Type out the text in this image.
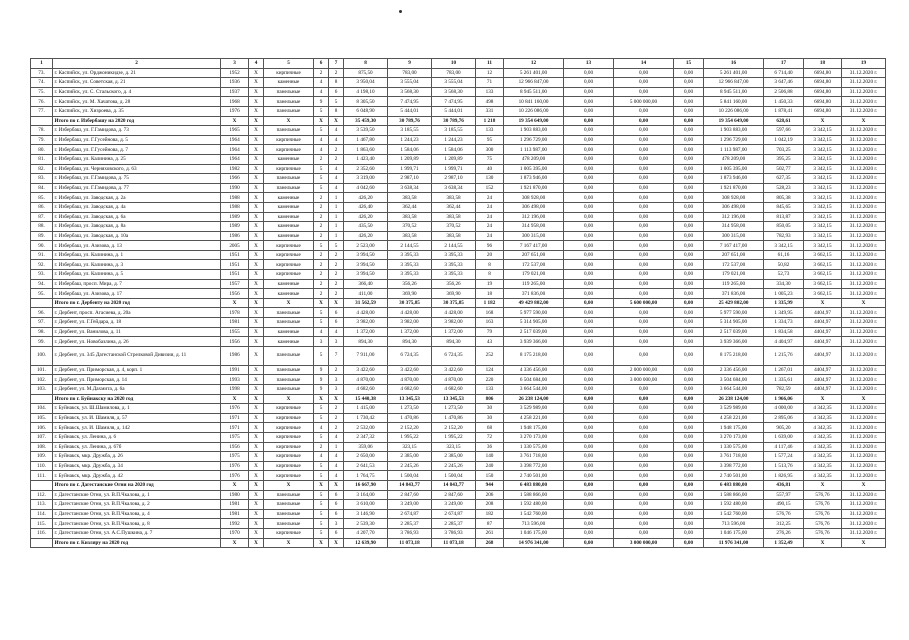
1	2	3	4	5	6	7	8	9	10	11	12	13	14	15	16	17	18	19
73.	г. Каспийск, ул. Орджоникидзе, д. 21	1952	X	кирпичные	2	2	875,50	783,00	783,00	12	5 261 401,00	0,00	0,00	0,00	5 261 401,00	6 714,40	6694,80	31.12.2020 г.
74.	г. Каспийск, ул. Советская, д. 21	1936	X	каменные	4	8	3 950,04	3 555,04	3 555,04	71	12 966 847,00	0,00	0,00	0,00	12 966 847,00	3 647,46	6694,80	31.12.2020 г.
75.	г. Каспийск, ул. С. Стальского, д. 4	1937	X	панельные	4	6	4 198,10	3 568,30	3 568,30	133	8 945 511,00	0,00	0,00	0,00	8 945 511,00	2 506,88	6694,80	31.12.2020 г.
76.	г. Каспийск, ул. М. Хачатова, д. 28	1968	X	панельные	9	5	8 305,50	7 474,95	7 474,95	498	10 841 160,00	0,00	5 000 000,00	0,00	5 841 160,00	1 450,33	6694,80	31.12.2020 г.
77.	г. Каспийск, ул. Хизроева, д. 35	1976	X	панельные	5	8	6 048,90	5 444,01	5 444,01	331	10 226 086,00	0,00	0,00	0,00	10 226 086,00	1 878,41	6694,80	31.12.2020 г.
	Итого по г. Избербашу на 2020 год	X	X	X	X	X	35 459,30	30 789,76	30 789,76	1 218	19 354 649,00	0,00	0,00	0,00	19 354 649,00	628,61	X	X
78.	г. Избербаш, ул. Г.Гамидова, д. 73	1965	X	панельные	5	4	3 539,50	3 185,55	3 185,55	133	1 903 883,00	0,00	0,00	0,00	1 903 883,00	597,66	3 342,15	31.12.2020 г.
79.	г. Избербаш, ул. Г.Гусейнова, д. 5	1964	X	кирпичные	4	4	1 467,80	1 244,23	1 244,23	95	1 296 729,00	0,00	0,00	0,00	1 296 729,00	1 042,19	3 342,15	31.12.2020 г.
80.	г. Избербаш, ул. Г.Гусейнова, д. 7	1964	X	кирпичные	4	2	1 863,60	1 584,06	1 584,06	300	1 113 987,00	0,00	0,00	0,00	1 113 987,00	703,25	3 342,15	31.12.2020 г.
81.	г. Избербаш, ул. Калинина, д. 25	1964	X	каменные	2	2	1 423,40	1 209,89	1 209,89	75	478 209,00	0,00	0,00	0,00	478 209,00	395,25	3 342,15	31.12.2020 г.
82.	г. Избербаш, ул. Черняховского, д. 63	1982	X	кирпичные	5	4	2 352,60	1 999,71	1 999,71	40	1 005 395,00	0,00	0,00	0,00	1 005 395,00	502,77	3 342,15	31.12.2020 г.
83.	г. Избербаш, ул. Г.Гамидова, д. 75	1966	X	панельные	5	4	3 319,00	2 987,10	2 987,10	130	1 873 946,00	0,00	0,00	0,00	1 873 946,00	627,35	3 342,15	31.12.2020 г.
84.	г. Избербаш, ул. Г.Гамидова, д. 77	1990	X	панельные	5	4	4 042,60	3 638,34	3 638,34	152	1 921 870,00	0,00	0,00	0,00	1 921 870,00	528,23	3 342,15	31.12.2020 г.
85.	г. Избербаш, ул. Заводская, д. 2а	1988	X	каменные	2	1	426,20	383,58	383,58	24	308 928,00	0,00	0,00	0,00	308 928,00	805,38	3 342,15	31.12.2020 г.
86.	г. Избербаш, ул. Заводская, д. 4а	1988	X	каменные	2	1	426,40	362,44	362,44	24	306 498,00	0,00	0,00	0,00	306 498,00	845,65	3 342,15	31.12.2020 г.
87.	г. Избербаш, ул. Заводская, д. 6а	1989	X	каменные	2	1	426,20	383,58	383,58	24	312 196,00	0,00	0,00	0,00	312 196,00	813,87	3 342,15	31.12.2020 г.
88.	г. Избербаш, ул. Заводская, д. 8а	1989	X	каменные	2	1	435,50	370,52	370,52	24	314 958,00	0,00	0,00	0,00	314 958,00	850,05	3 342,15	31.12.2020 г.
89.	г. Избербаш, ул. Заводская, д. 10а	1986	X	каменные	2	1	426,20	383,58	383,58	24	300 315,00	0,00	0,00	0,00	300 315,00	782,93	3 342,15	31.12.2020 г.
90.	г. Избербаш, ул. Азизова, д. 13	2005	X	кирпичные	5	5	2 523,00	2 144,55	2 144,55	96	7 167 417,00	0,00	0,00	0,00	7 167 417,00	3 342,15	3 342,15	31.12.2020 г.
91.	г. Избербаш, ул. Калинина, д. 1	1951	X	кирпичные	2	2	3 994,50	3 395,33	3 395,33	20	207 651,00	0,00	0,00	0,00	207 651,00	61,16	3 662,15	31.12.2020 г.
92.	г. Избербаш, ул. Калинина, д. 3	1951	X	кирпичные	2	2	3 994,50	3 395,33	3 395,33	8	172 537,00	0,00	0,00	0,00	172 537,00	50,82	3 662,15	31.12.2020 г.
93.	г. Избербаш, ул. Калинина, д. 5	1951	X	кирпичные	2	2	3 994,50	3 395,33	3 395,33	8	179 021,00	0,00	0,00	0,00	179 021,00	52,73	3 662,15	31.12.2020 г.
94.	г. Избербаш, просп. Мира, д. 7	1957	X	каменные	2	2	366,40	356,26	356,26	19	119 265,00	0,00	0,00	0,00	119 265,00	334,30	3 662,15	31.12.2020 г.
95.	г. Избербаш, ул. Азизова, д. 17	1956	X	каменные	2	2	411,00	369,90	369,90	18	371 836,00	0,00	0,00	0,00	371 836,00	1 005,23	3 662,15	31.12.2020 г.
	Итого по г. Дербенту на 2020 год	X	X	X	X	X	31 562,59	30 375,85	30 375,85	1 182	49 429 802,00	0,00	5 600 000,00	0,00	25 429 802,00	1 335,99	X	X
96.	г. Дербент, просп. Агасиева, д. 20а	1978	X	панельные	5	6	4 428,00	4 428,00	4 428,00	168	5 977 590,00	0,00	0,00	0,00	5 977 590,00	1 349,95	4404,97	31.12.2020 г.
97.	г. Дербент, ул. Г.Гейдара, д. 18	1981	X	панельные	5	6	3 982,00	3 982,00	3 982,00	163	5 314 905,00	0,00	0,00	0,00	5 314 905,00	1 334,73	4404,97	31.12.2020 г.
98.	г. Дербент, ул. Ванилова, д. 11	1955	X	каменные	4	4	1 372,00	1 372,00	1 372,00	79	2 517 039,00	0,00	0,00	0,00	2 517 039,00	1 834,58	4404,97	31.12.2020 г.
99.	г. Дербент, ул. Новобазлина, д. 26	1956	X	каменные	3	3	894,30	894,30	894,30	43	3 939 366,00	0,00	0,00	0,00	3 939 366,00	4 404,97	4404,97	31.12.2020 г.
100.	г. Дербент, ул. 345 Дагестанской Стрелковой Дивизии, д. 11	1986	X	панельные	5	7	7 911,00	6 724,35	6 724,35	252	8 175 218,00	0,00	0,00	0,00	8 175 218,00	1 215,76	4404,97	31.12.2020 г.
101.	г. Дербент, ул. Приморская, д. 4, корп. 1	1991	X	панельные	9	2	3 422,60	3 422,60	3 422,60	124	4 336 456,00	0,00	2 000 000,00	0,00	2 336 456,00	1 267,01	4404,97	31.12.2020 г.
102.	г. Дербент, ул. Приморская, д. 14	1993	X	панельные	9	3	4 870,00	4 870,00	4 870,00	220	6 504 684,00	0,00	3 000 000,00	0,00	3 504 684,00	1 335,61	4404,97	31.12.2020 г.
103.	г. Дербент, ул. М.Дахмита, д. 6а	1998	X	панельные	9	3	4 682,60	4 682,60	4 682,60	133	3 664 544,00	0,00	0,00	0,00	3 664 544,00	782,59	4404,97	31.12.2020 г.
	Итого по г. Буйнакску на 2020 год	X	X	X	X	X	15 440,38	13 345,53	13 345,53	806	26 238 124,00	0,00	0,00	0,00	26 238 124,00	1 966,06	X	X
104.	г. Буйнакск, ул. Ш.Шамилова, д. 1	1976	X	кирпичные	5	2	1 415,00	1 273,50	1 273,50	30	3 529 989,00	0,00	0,00	0,00	3 529 989,00	4 000,00	4 342,35	31.12.2020 г.
105.	г. Буйнакск, ул. И. Шамиля, д. 57	1971	X	кирпичные	5	2	1 730,42	1 470,86	1 470,86	30	4 258 221,00	0,00	0,00	0,00	4 258 221,00	2 895,06	4 342,35	31.12.2020 г.
106.	г. Буйнакск, ул. И. Шамиля, д. 142	1971	X	кирпичные	4	2	2 532,00	2 152,20	2 152,20	68	1 948 175,00	0,00	0,00	0,00	1 948 175,00	905,20	4 342,35	31.12.2020 г.
107.	г. Буйнакск, ул. Ленина, д. 6	1975	X	кирпичные	5	4	2 347,32	1 995,22	1 995,22	72	3 270 173,00	0,00	0,00	0,00	3 270 173,00	1 639,00	4 342,35	31.12.2020 г.
108.	г. Буйнакск, ул. Ленина, д. 67б	1956	X	кирпичные	2	1	359,06	323,15	323,15	36	1 330 575,00	0,00	0,00	0,00	1 330 575,00	4 117,46	4 342,35	31.12.2020 г.
109.	г. Буйнакск, мкр. Дружба, д. 26	1975	X	кирпичные	4	4	2 650,00	2 385,00	2 385,00	140	3 761 718,00	0,00	0,00	0,00	3 761 718,00	1 577,24	4 342,35	31.12.2020 г.
110.	г. Буйнакск, мкр. Дружба, д. 34	1976	X	кирпичные	5	4	2 641,53	2 245,26	2 245,26	240	3 398 772,00	0,00	0,00	0,00	3 398 772,00	1 513,76	4 342,35	31.12.2020 г.
111.	г. Буйнакск, мкр. Дружба, д. 42	1976	X	кирпичные	5	4	1 764,75	1 500,04	1 500,04	150	2 740 501,00	0,00	0,00	0,00	2 740 501,00	1 826,95	4 342,35	31.12.2020 г.
	Итого по г. Дагестанские Огни на 2020 год	X	X	X	X	X	16 667,90	14 843,77	14 843,77	944	6 483 880,00	0,00	0,00	0,00	6 483 880,00	436,81	X	X
112.	г. Дагестанские Огни, ул. В.П.Чкалова, д. 1	1980	X	панельные	5	6	3 164,00	2 847,60	2 847,60	206	1 588 866,00	0,00	0,00	0,00	1 588 866,00	557,97	576,76	31.12.2020 г.
113.	г. Дагестанские Огни, ул. В.П.Чкалова, д. 2	1981	X	панельные	5	6	3 610,00	3 249,00	3 249,00	208	1 592 480,00	0,00	0,00	0,00	1 592 480,00	490,15	576,76	31.12.2020 г.
114.	г. Дагестанские Огни, ул. В.П.Чкалова, д. 4	1981	X	панельные	5	6	3 146,90	2 674,87	2 674,87	182	1 542 760,00	0,00	0,00	0,00	1 542 760,00	576,76	576,76	31.12.2020 г.
115.	г. Дагестанские Огни, ул. В.П.Чкалова, д. 8	1992	X	панельные	5	3	2 539,30	2 285,37	2 285,37	87	713 596,00	0,00	0,00	0,00	713 596,00	312,25	576,76	31.12.2020 г.
116.	г. Дагестанские Огни, ул. А.С.Пушкина, д. 7	1970	X	кирпичные	5	6	4 207,70	3 786,93	3 786,93	261	1 046 175,00	0,00	0,00	0,00	1 046 175,00	276,26	576,76	31.12.2020 г.
	Итого по г. Кизляру на 2020 год	X	X	X	X	X	12 639,90	11 073,18	11 073,18	268	14 976 341,00	0,00	3 000 000,00	0,00	11 976 341,00	1 352,49	X	X
